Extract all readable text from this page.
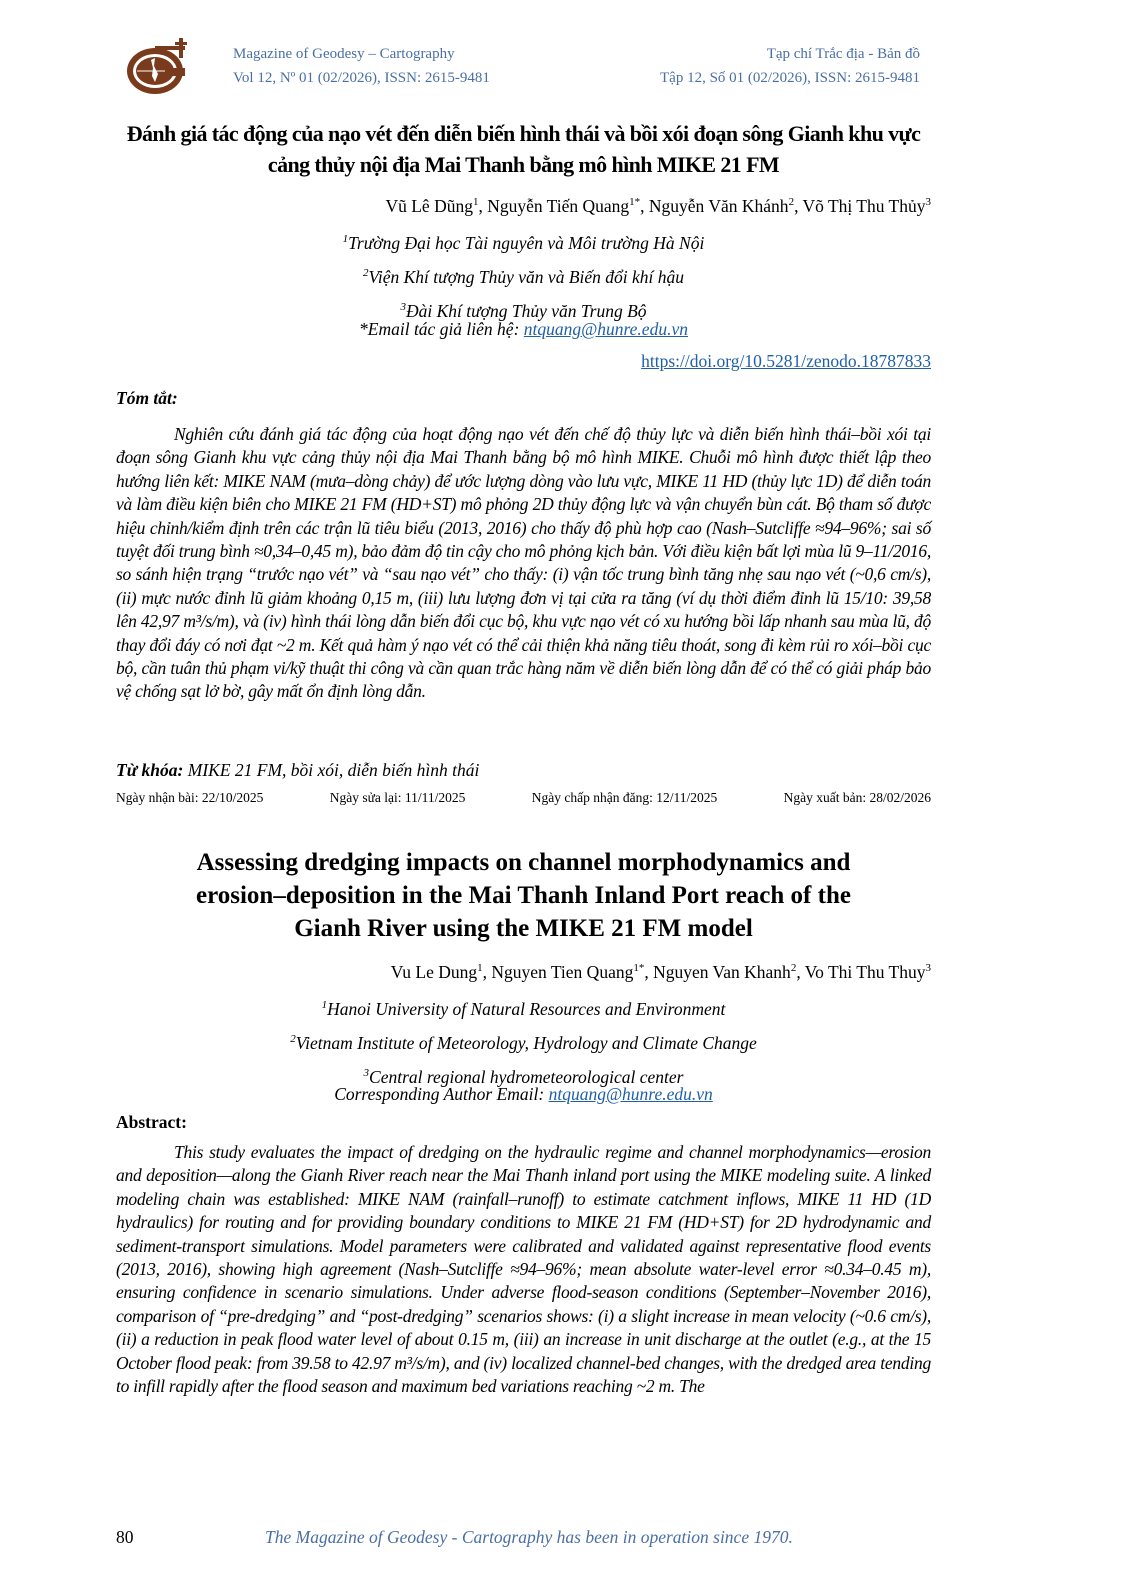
Magazine of Geodesy – Cartography
Vol 12, Nº 01 (02/2026), ISSN: 2615-9481
Tạp chí Trắc địa - Bản đồ
Tập 12, Số 01 (02/2026), ISSN: 2615-9481
Đánh giá tác động của nạo vét đến diễn biến hình thái và bồi xói đoạn sông Gianh khu vực cảng thủy nội địa Mai Thanh bằng mô hình MIKE 21 FM
Vũ Lê Dũng$^1$, Nguyễn Tiến Quang$^{1*}$, Nguyễn Văn Khánh$^2$, Võ Thị Thu Thủy$^3$
$^1$Trường Đại học Tài nguyên và Môi trường Hà Nội
$^2$Viện Khí tượng Thủy văn và Biến đổi khí hậu
$^3$Đài Khí tượng Thủy văn Trung Bộ
*Email tác giả liên hệ: ntquang@hunre.edu.vn
https://doi.org/10.5281/zenodo.18787833
Tóm tắt:
Nghiên cứu đánh giá tác động của hoạt động nạo vét đến chế độ thủy lực và diễn biến hình thái–bồi xói tại đoạn sông Gianh khu vực cảng thủy nội địa Mai Thanh bằng bộ mô hình MIKE. Chuỗi mô hình được thiết lập theo hướng liên kết: MIKE NAM (mưa–dòng chảy) để ước lượng dòng vào lưu vực, MIKE 11 HD (thủy lực 1D) để diễn toán và làm điều kiện biên cho MIKE 21 FM (HD+ST) mô phỏng 2D thủy động lực và vận chuyển bùn cát. Bộ tham số được hiệu chỉnh/kiểm định trên các trận lũ tiêu biểu (2013, 2016) cho thấy độ phù hợp cao (Nash–Sutcliffe ≈94–96%; sai số tuyệt đối trung bình ≈0,34–0,45 m), bảo đảm độ tin cậy cho mô phỏng kịch bản. Với điều kiện bất lợi mùa lũ 9–11/2016, so sánh hiện trạng “trước nạo vét” và “sau nạo vét” cho thấy: (i) vận tốc trung bình tăng nhẹ sau nạo vét (~0,6 cm/s), (ii) mực nước đỉnh lũ giảm khoảng 0,15 m, (iii) lưu lượng đơn vị tại cửa ra tăng (ví dụ thời điểm đỉnh lũ 15/10: 39,58 lên 42,97 m³/s/m), và (iv) hình thái lòng dẫn biến đổi cục bộ, khu vực nạo vét có xu hướng bồi lấp nhanh sau mùa lũ, độ thay đổi đáy có nơi đạt ~2 m. Kết quả hàm ý nạo vét có thể cải thiện khả năng tiêu thoát, song đi kèm rủi ro xói–bồi cục bộ, cần tuân thủ phạm vi/kỹ thuật thi công và cần quan trắc hàng năm về diễn biến lòng dẫn để có thể có giải pháp bảo vệ chống sạt lở bờ, gây mất ổn định lòng dẫn.
Từ khóa: MIKE 21 FM, bồi xói, diễn biến hình thái
Ngày nhận bài: 22/10/2025	Ngày sửa lại: 11/11/2025	Ngày chấp nhận đăng: 12/11/2025	Ngày xuất bản: 28/02/2026
Assessing dredging impacts on channel morphodynamics and
erosion–deposition in the Mai Thanh Inland Port reach of the
Gianh River using the MIKE 21 FM model
Vu Le Dung$^1$, Nguyen Tien Quang$^{1*}$, Nguyen Van Khanh$^2$, Vo Thi Thu Thuy$^3$
$^1$Hanoi University of Natural Resources and Environment
$^2$Vietnam Institute of Meteorology, Hydrology and Climate Change
$^3$Central regional hydrometeorological center
Corresponding Author Email: ntquang@hunre.edu.vn
Abstract:
This study evaluates the impact of dredging on the hydraulic regime and channel morphodynamics—erosion and deposition—along the Gianh River reach near the Mai Thanh inland port using the MIKE modeling suite. A linked modeling chain was established: MIKE NAM (rainfall–runoff) to estimate catchment inflows, MIKE 11 HD (1D hydraulics) for routing and for providing boundary conditions to MIKE 21 FM (HD+ST) for 2D hydrodynamic and sediment-transport simulations. Model parameters were calibrated and validated against representative flood events (2013, 2016), showing high agreement (Nash–Sutcliffe ≈94–96%; mean absolute water-level error ≈0.34–0.45 m), ensuring confidence in scenario simulations. Under adverse flood-season conditions (September–November 2016), comparison of “pre-dredging” and “post-dredging” scenarios shows: (i) a slight increase in mean velocity (~0.6 cm/s), (ii) a reduction in peak flood water level of about 0.15 m, (iii) an increase in unit discharge at the outlet (e.g., at the 15 October flood peak: from 39.58 to 42.97 m³/s/m), and (iv) localized channel-bed changes, with the dredged area tending to infill rapidly after the flood season and maximum bed variations reaching ~2 m. The
80	The Magazine of Geodesy - Cartography has been in operation since 1970.
